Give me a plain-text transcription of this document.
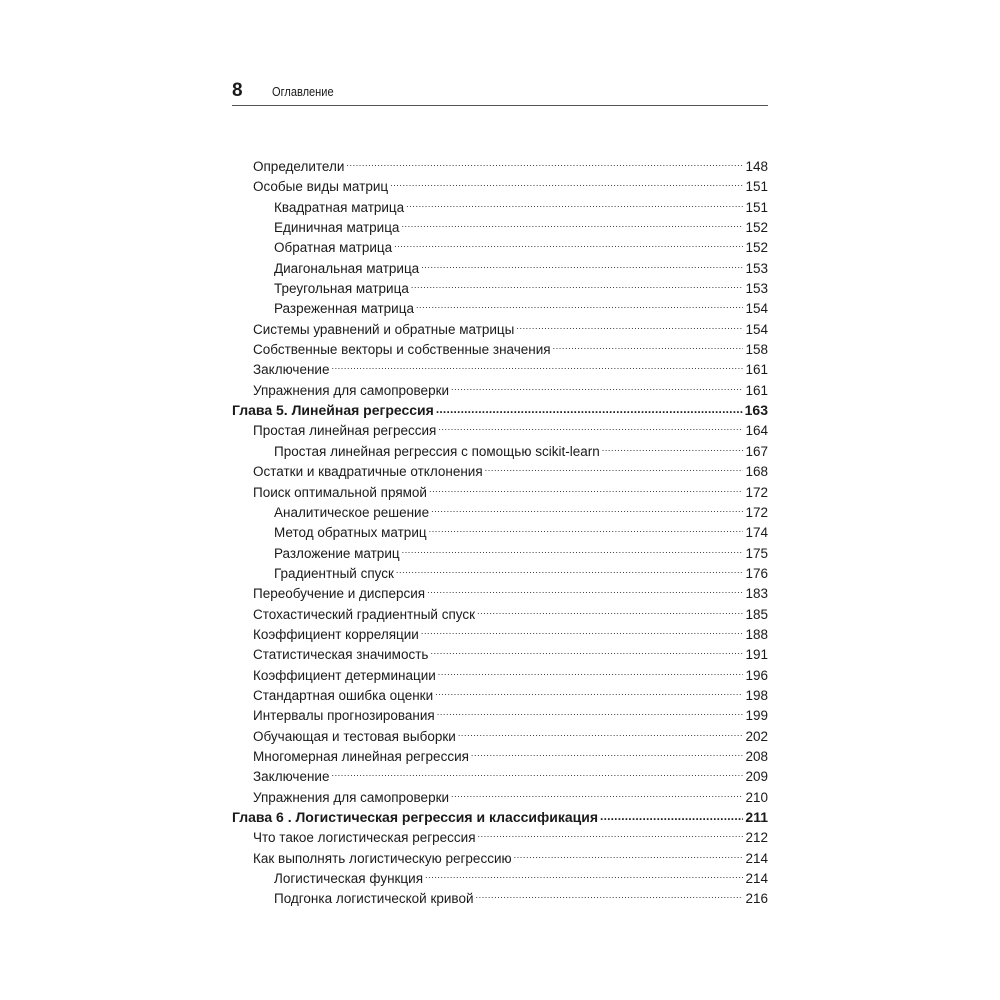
8 Оглавление
Определители .....	148
Особые виды матриц .....	151
Квадратная матрица .....	151
Единичная матрица .....	152
Обратная матрица .....	152
Диагональная матрица .....	153
Треугольная матрица .....	153
Разреженная матрица .....	154
Системы уравнений и обратные матрицы .....	154
Собственные векторы и собственные значения .....	158
Заключение .....	161
Упражнения для самопроверки .....	161
Глава 5. Линейная регрессия .....	163
Простая линейная регрессия .....	164
Простая линейная регрессия с помощью scikit-learn .....	167
Остатки и квадратичные отклонения .....	168
Поиск оптимальной прямой .....	172
Аналитическое решение .....	172
Метод обратных матриц .....	174
Разложение матриц .....	175
Градиентный спуск .....	176
Переобучение и дисперсия .....	183
Стохастический градиентный спуск .....	185
Коэффициент корреляции .....	188
Статистическая значимость .....	191
Коэффициент детерминации .....	196
Стандартная ошибка оценки .....	198
Интервалы прогнозирования .....	199
Обучающая и тестовая выборки .....	202
Многомерная линейная регрессия .....	208
Заключение .....	209
Упражнения для самопроверки .....	210
Глава 6 . Логистическая регрессия и классификация .....	211
Что такое логистическая регрессия .....	212
Как выполнять логистическую регрессию .....	214
Логистическая функция .....	214
Подгонка логистической кривой .....	216
